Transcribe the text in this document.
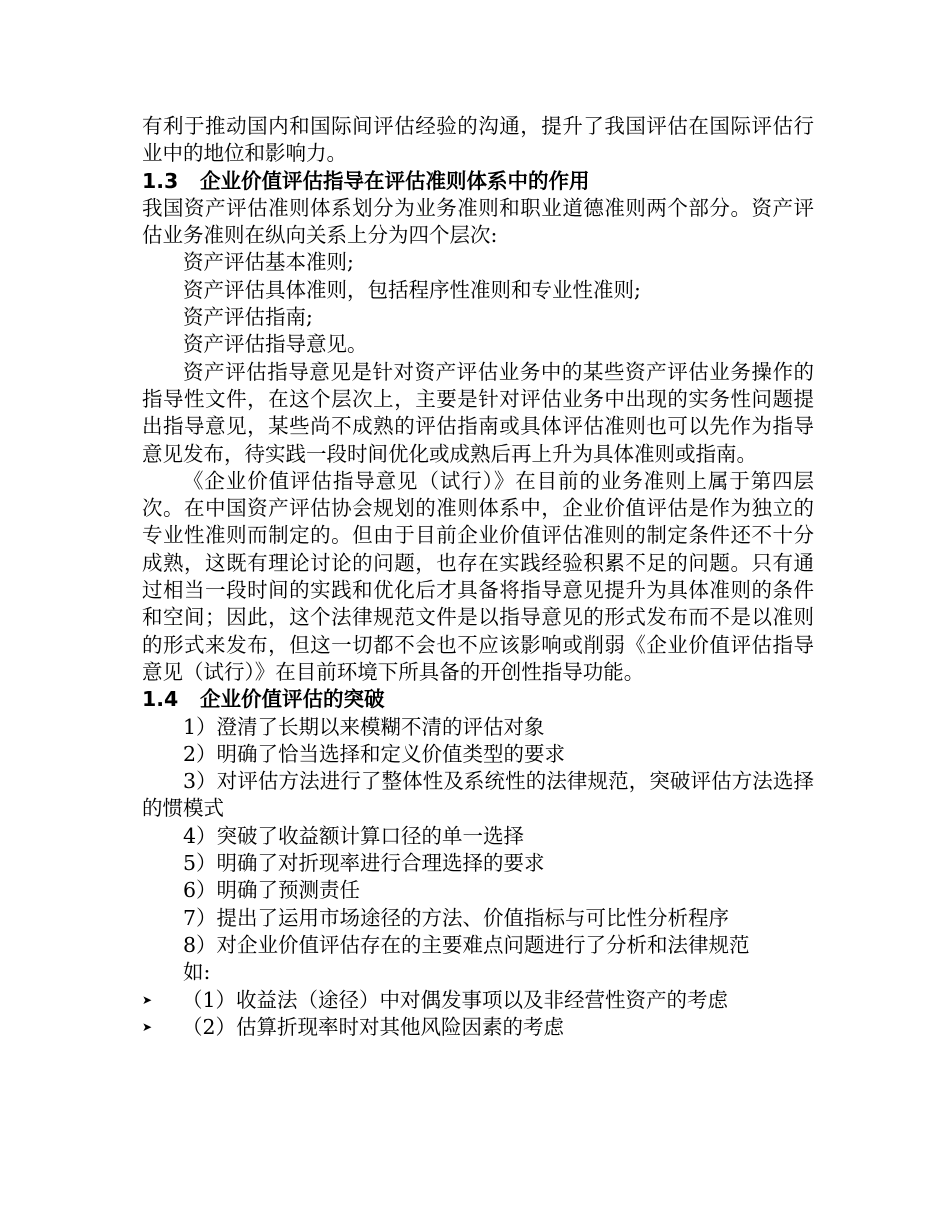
有利于推动国内和国际间评估经验的沟通，提升了我国评估在国际评估行业中的地位和影响力。

1.3 企业价值评估指导在评估准则体系中的作用

我国资产评估准则体系划分为业务准则和职业道德准则两个部分。资产评估业务准则在纵向关系上分为四个层次:

资产评估基本准则;

资产评估具体准则，包括程序性准则和专业性准则;

资产评估指南;

资产评估指导意见。

资产评估指导意见是针对资产评估业务中的某些资产评估业务操作的指导性文件，在这个层次上，主要是针对评估业务中出现的实务性问题提出指导意见，某些尚不成熟的评估指南或具体评估准则也可以先作为指导意见发布，待实践一段时间优化或成熟后再上升为具体准则或指南。

《企业价值评估指导意见（试行）》在目前的业务准则上属于第四层次。在中国资产评估协会规划的准则体系中，企业价值评估是作为独立的专业性准则而制定的。但由于目前企业价值评估准则的制定条件还不十分成熟，这既有理论讨论的问题，也存在实践经验积累不足的问题。只有通过相当一段时间的实践和优化后才具备将指导意见提升为具体准则的条件和空间；因此，这个法律规范文件是以指导意见的形式发布而不是以准则的形式来发布，但这一切都不会也不应该影响或削弱《企业价值评估指导意见（试行）》在目前环境下所具备的开创性指导功能。

1.4 企业价值评估的突破

1）澄清了长期以来模糊不清的评估对象

2）明确了恰当选择和定义价值类型的要求

3）对评估方法进行了整体性及系统性的法律规范，突破评估方法选择的惯模式

4）突破了收益额计算口径的单一选择

5）明确了对折现率进行合理选择的要求

6）明确了预测责任

7）提出了运用市场途径的方法、价值指标与可比性分析程序

8）对企业价值评估存在的主要难点问题进行了分析和法律规范

如:

➤ （1）收益法（途径）中对偶发事项以及非经营性资产的考虑

➤ （2）估算折现率时对其他风险因素的考虑
